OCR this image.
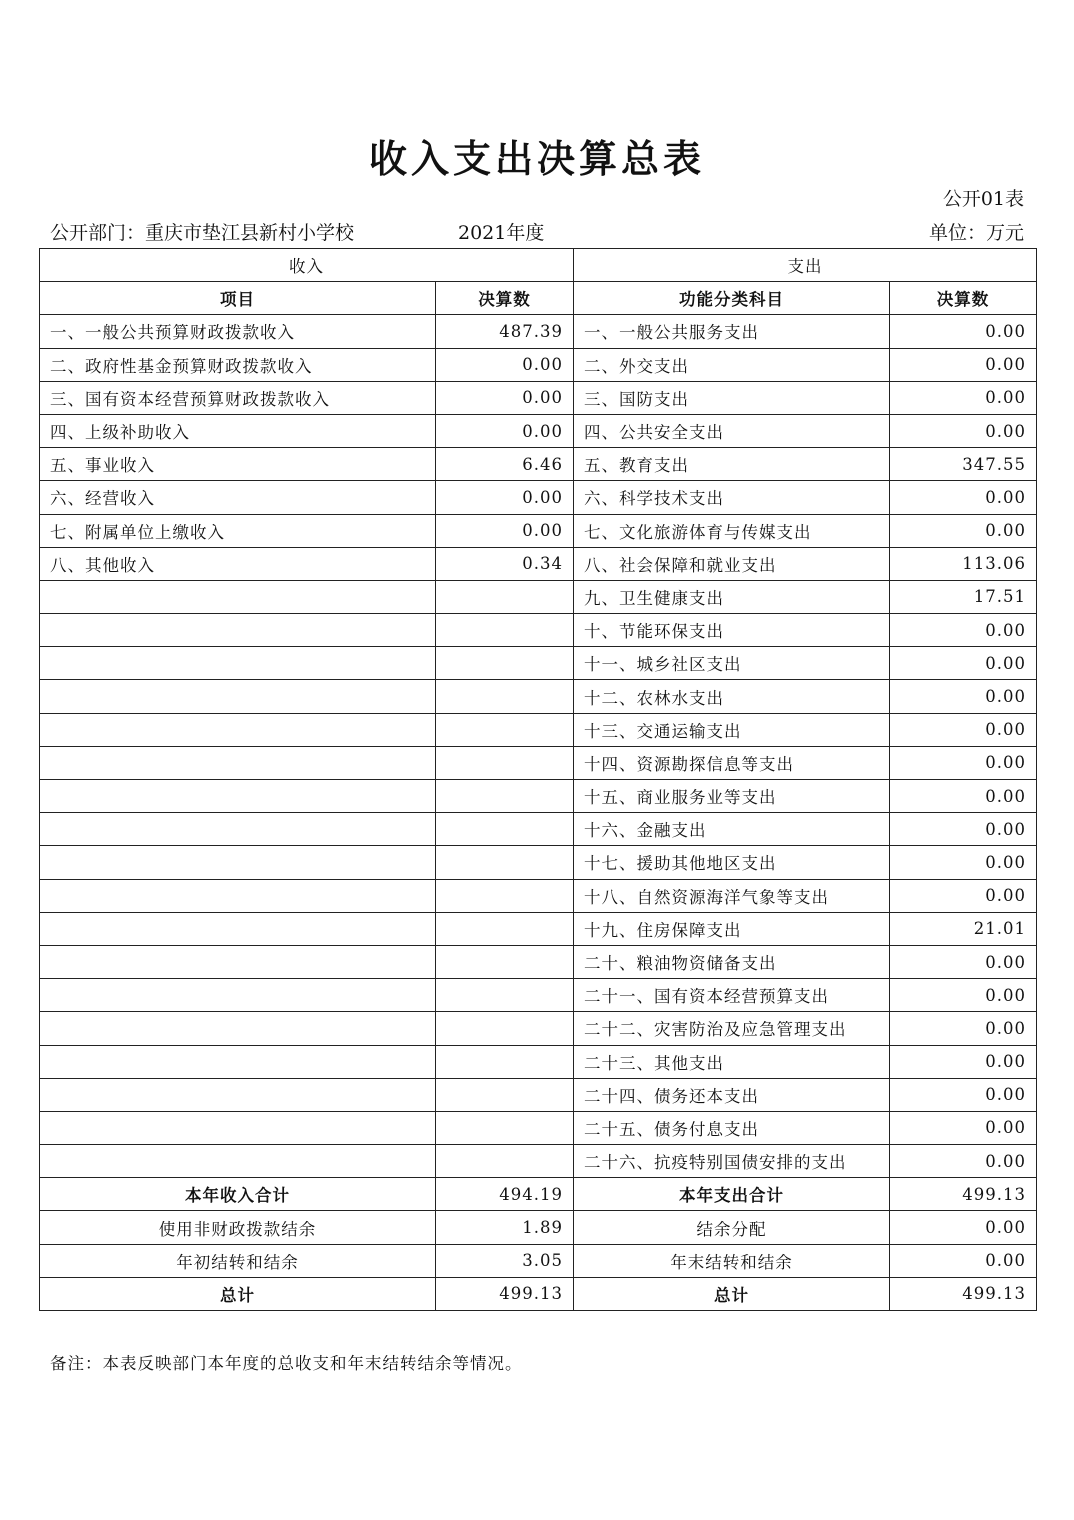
收入支出决算总表
公开01表
公开部门：重庆市垫江县新村小学校	2021年度	单位：万元
收入		支出	
项目	决算数	功能分类科目	决算数
一、一般公共预算财政拨款收入	487.39	一、一般公共服务支出	0.00
二、政府性基金预算财政拨款收入	0.00	二、外交支出	0.00
三、国有资本经营预算财政拨款收入	0.00	三、国防支出	0.00
四、上级补助收入	0.00	四、公共安全支出	0.00
五、事业收入	6.46	五、教育支出	347.55
六、经营收入	0.00	六、科学技术支出	0.00
七、附属单位上缴收入	0.00	七、文化旅游体育与传媒支出	0.00
八、其他收入	0.34	八、社会保障和就业支出	113.06
		九、卫生健康支出	17.51
		十、节能环保支出	0.00
		十一、城乡社区支出	0.00
		十二、农林水支出	0.00
		十三、交通运输支出	0.00
		十四、资源勘探信息等支出	0.00
		十五、商业服务业等支出	0.00
		十六、金融支出	0.00
		十七、援助其他地区支出	0.00
		十八、自然资源海洋气象等支出	0.00
		十九、住房保障支出	21.01
		二十、粮油物资储备支出	0.00
		二十一、国有资本经营预算支出	0.00
		二十二、灾害防治及应急管理支出	0.00
		二十三、其他支出	0.00
		二十四、债务还本支出	0.00
		二十五、债务付息支出	0.00
		二十六、抗疫特别国债安排的支出	0.00
本年收入合计	494.19	本年支出合计	499.13
使用非财政拨款结余	1.89	结余分配	0.00
年初结转和结余	3.05	年末结转和结余	0.00
总计	499.13	总计	499.13
备注：本表反映部门本年度的总收支和年末结转结余等情况。
